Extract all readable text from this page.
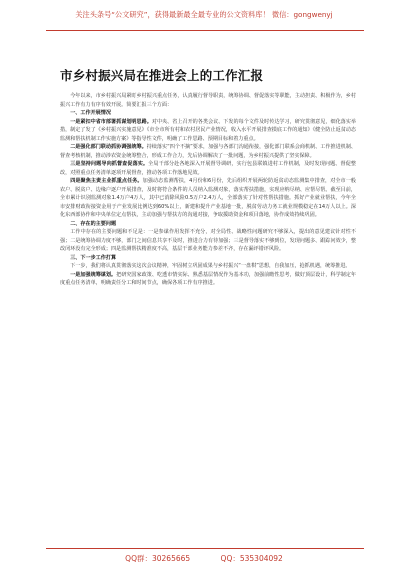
关注头条号“公文研究”，获得最新最全最专业的公文资料库！ 微信：gongwenyj
市乡村振兴局在推进会上的工作汇报

今年以来，市乡村振兴局紧盯乡村振兴重点任务，认真履行督导职责，统筹协调、督促落实等职能，主动担责、积极作为，乡村振兴工作有力有序有效开展。简要汇报三个方面：

一、工作开展情况

一是紧扣中省市部署抓谋划明思路。对中央、省上召开的各类会议、下发的每个文件及时传达学习，研究贯彻意见，细化落实举措，制定了发了《乡村振兴实施意见》《市全市所有村和农村居民产业情况，收入水平开展排查摸底工作的通知》《健全防止返贫动态监测和帮扶机制工作实施方案》等指导性文件，明确了工作思路、预期目标和着力重点。

二是强化部门联动抓协调强统筹。持续落实“四个不摘”要求，加强与各部门沟通衔接，强化部门联系会商机制、工作推进机制、督查考核机制，推动涉农资金统筹整合，形成工作合力，先后协调解决了一批问题，为乡村振兴提供了坚实保障。

三是坚持问题导向抓督查促落实。全局干部分赴各地深入开展督导调研，实行包县联镇进村工作机制，及时发现问题、督促整改，对照重点任务清单逐项开展督查，推动各项工作落地见效。

四是聚焦主责主业抓重点任务。加强动态监测帮扶，4月份和6月份，先后组织开展两轮防返贫动态监测集中排查，对全市一般农户、脱贫户、边缘户逐户开展排查，及时将符合条件的人员纳入监测对象，落实帮扶措施，实现应纳尽纳、应帮尽帮。截至目前，全市累计识别监测对象1.4万户4万人，其中已消除风险0.5万户2.4万人，全部落实了针对性帮扶措施。抓好产业就业帮扶，今年全市安排财政衔接资金用于产业发展比例达到60%以上，新建和提升产业基地一批，脱贫劳动力务工就业规模稳定在14万人以上。深化东西部协作和中央单位定点帮扶，主动加强与帮扶方的沟通对接，争取援助资金和项目落地，协作成效持续巩固。

二、存在的主要问题

工作中存在的主要问题和不足是：一是参谋作用发挥不充分，对全局性、战略性问题研究不够深入，提出的意见建议针对性不强；二是统筹协调力度不够，部门之间信息共享不及时，推进合力有待加强；三是督导落实不够到位，发现问题多、跟踪问效少，整改闭环没有完全形成；四是监测帮扶精准度不高，基层干部业务能力参差不齐，存在漏评错评风险。

三、下一步工作打算

下一步，我们将认真贯彻落实这次会议精神，牢固树立巩固成果与乡村振兴“一盘棋”思想，自我加压，抢抓机遇，统筹推进。

一是加强统筹谋划。把研究国家政策、吃透市情实际、熟悉基层情况作为基本功，加强前瞻性思考，做好顶层设计，科学制定年度重点任务清单，明确责任分工和时间节点，确保各项工作有序推进。

QQ群：30265665	QQ：535304092
